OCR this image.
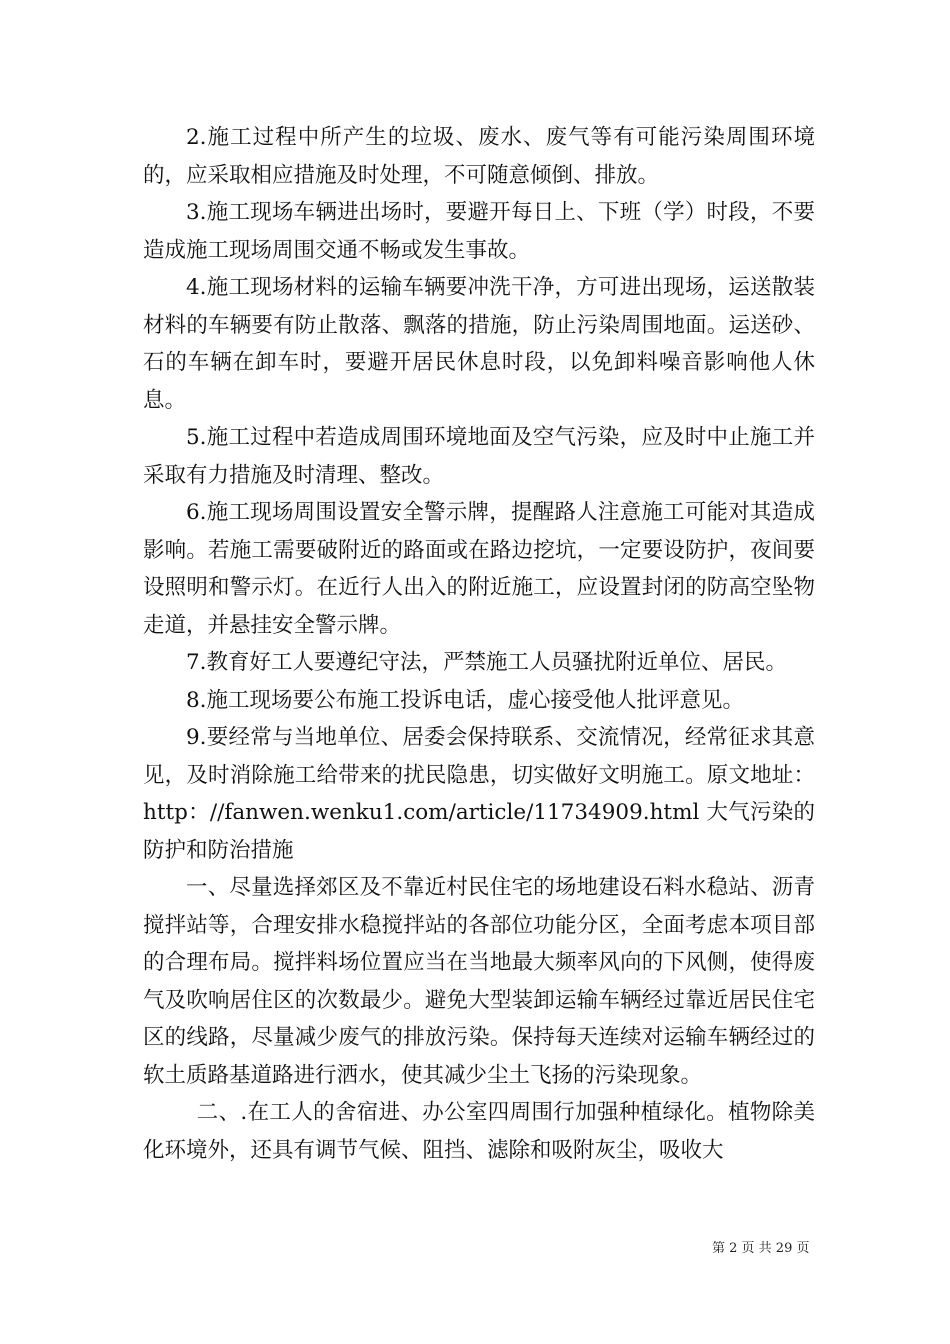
2.施工过程中所产生的垃圾、废水、废气等有可能污染周围环境的，应采取相应措施及时处理，不可随意倾倒、排放。

3.施工现场车辆进出场时，要避开每日上、下班（学）时段，不要造成施工现场周围交通不畅或发生事故。

4.施工现场材料的运输车辆要冲洗干净，方可进出现场，运送散装材料的车辆要有防止散落、飘落的措施，防止污染周围地面。运送砂、石的车辆在卸车时，要避开居民休息时段，以免卸料噪音影响他人休息。

5.施工过程中若造成周围环境地面及空气污染，应及时中止施工并采取有力措施及时清理、整改。

6.施工现场周围设置安全警示牌，提醒路人注意施工可能对其造成影响。若施工需要破附近的路面或在路边挖坑，一定要设防护，夜间要设照明和警示灯。在近行人出入的附近施工，应设置封闭的防高空坠物走道，并悬挂安全警示牌。

7.教育好工人要遵纪守法，严禁施工人员骚扰附近单位、居民。

8.施工现场要公布施工投诉电话，虚心接受他人批评意见。

9.要经常与当地单位、居委会保持联系、交流情况，经常征求其意见，及时消除施工给带来的扰民隐患，切实做好文明施工。原文地址：http：//fanwen.wenku1.com/article/11734909.html 大气污染的防护和防治措施

一、尽量选择郊区及不靠近村民住宅的场地建设石料水稳站、沥青搅拌站等，合理安排水稳搅拌站的各部位功能分区，全面考虑本项目部的合理布局。搅拌料场位置应当在当地最大频率风向的下风侧，使得废气及吹响居住区的次数最少。避免大型装卸运输车辆经过靠近居民住宅区的线路，尽量减少废气的排放污染。保持每天连续对运输车辆经过的软土质路基道路进行洒水，使其减少尘土飞扬的污染现象。

二、.在工人的舍宿进、办公室四周围行加强种植绿化。植物除美化环境外，还具有调节气候、阻挡、滤除和吸附灰尘，吸收大

第 2 页 共 29 页
